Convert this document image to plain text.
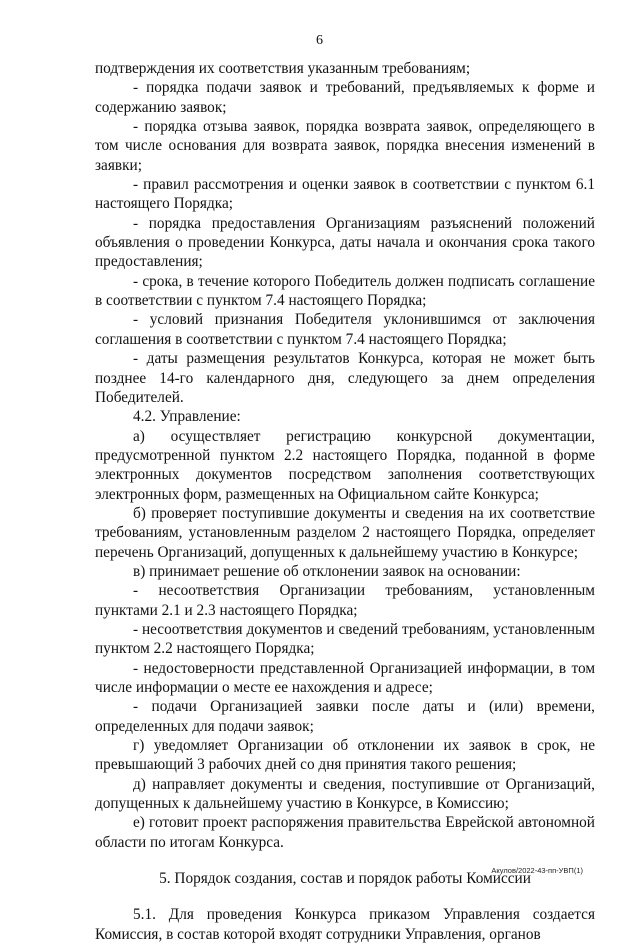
6

подтверждения их соответствия указанным требованиям;

- порядка подачи заявок и требований, предъявляемых к форме и содержанию заявок;

- порядка отзыва заявок, порядка возврата заявок, определяющего в том числе основания для возврата заявок, порядка внесения изменений в заявки;

- правил рассмотрения и оценки заявок в соответствии с пунктом 6.1 настоящего Порядка;

- порядка предоставления Организациям разъяснений положений объявления о проведении Конкурса, даты начала и окончания срока такого предоставления;

- срока, в течение которого Победитель должен подписать соглашение в соответствии с пунктом 7.4 настоящего Порядка;

- условий признания Победителя уклонившимся от заключения соглашения в соответствии с пунктом 7.4 настоящего Порядка;

- даты размещения результатов Конкурса, которая не может быть позднее 14-го календарного дня, следующего за днем определения Победителей.

4.2. Управление:

а) осуществляет регистрацию конкурсной документации, предусмотренной пунктом 2.2 настоящего Порядка, поданной в форме электронных документов посредством заполнения соответствующих электронных форм, размещенных на Официальном сайте Конкурса;

б) проверяет поступившие документы и сведения на их соответствие требованиям, установленным разделом 2 настоящего Порядка, определяет перечень Организаций, допущенных к дальнейшему участию в Конкурсе;

в) принимает решение об отклонении заявок на основании:

- несоответствия Организации требованиям, установленным пунктами 2.1 и 2.3 настоящего Порядка;

- несоответствия документов и сведений требованиям, установленным пунктом 2.2 настоящего Порядка;

- недостоверности представленной Организацией информации, в том числе информации о месте ее нахождения и адресе;

- подачи Организацией заявки после даты и (или) времени, определенных для подачи заявок;

г) уведомляет Организации об отклонении их заявок в срок, не превышающий 3 рабочих дней со дня принятия такого решения;

д) направляет документы и сведения, поступившие от Организаций, допущенных к дальнейшему участию в Конкурсе, в Комиссию;

е) готовит проект распоряжения правительства Еврейской автономной области по итогам Конкурса.

5. Порядок создания, состав и порядок работы Комиссии

5.1. Для проведения Конкурса приказом Управления создается Комиссия, в состав которой входят сотрудники Управления, органов

Акулов/2022-43-пп-УВП(1)
